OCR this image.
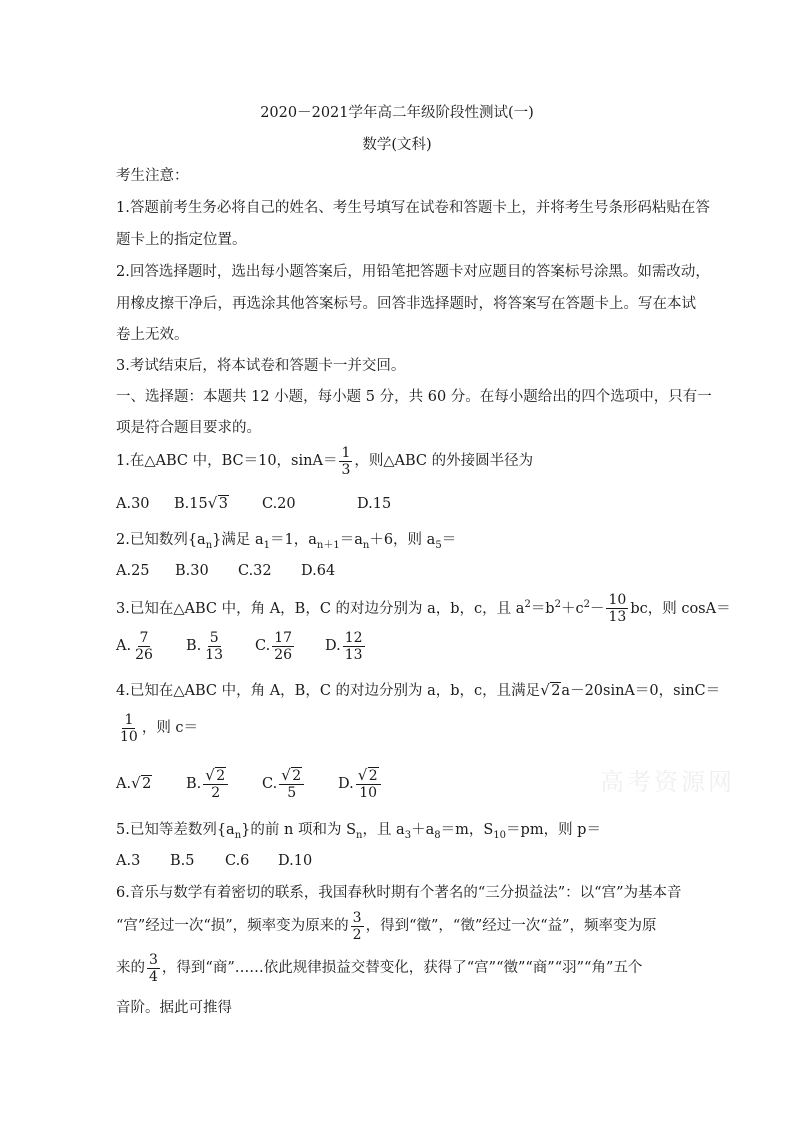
2020－2021学年高二年级阶段性测试(一)
数学(文科)
考生注意：
1.答题前考生务必将自己的姓名、考生号填写在试卷和答题卡上，并将考生号条形码粘贴在答
题卡上的指定位置。
2.回答选择题时，选出每小题答案后，用铅笔把答题卡对应题目的答案标号涂黑。如需改动，
用橡皮擦干净后，再选涂其他答案标号。回答非选择题时，将答案写在答题卡上。写在本试
卷上无效。
3.考试结束后，将本试卷和答题卡一并交回。
一、选择题：本题共 12 小题，每小题 5 分，共 60 分。在每小题给出的四个选项中，只有一
项是符合题目要求的。
1.在△ABC 中，BC＝10，$\sin A= \frac{1}{3}$ ，则△ABC 的外接圆半径为
A.30 B.15 √ 3 C.20	D.15
2.已知数列$\{a_n\}$满足 $a_1=1$，$a_{n+1}=a_n+6$，则 $a_5=$
A.25 B.30 C.32 D.64
3.已知在△ABC 中，角 A，B，C 的对边分别为 a，b，c，且 $a^2=b^2+c^2- \frac{10}{13}$ bc，则 cosA＝
A. $\frac{7}{26} B$. $\frac{5}{13} C$. $\frac{17}{26} D$. $\frac{12}{13}$
4.已知在△ABC 中，角 A，B，C 的对边分别为 a，b，c，且满足 √ 2a－20sinA＝0，sinC＝
$\frac{1}{10}$ ，则 c＝
A. √ 2 B. $\frac{√ 2}{2} C$. $\frac{√ 2}{5} D$. $\frac{√ 2}{10}$
5.已知等差数列$\{a_n\}$的前 n 项和为 $S_n$，且 $a_3+a_8=m$，$S_{10}=pm$，则 p＝
A.3 B.5 C.6 D.10
6.音乐与数学有着密切的联系，我国春秋时期有个著名的“三分损益法”：以“宫”为基本音
“宫”经过一次“损”，频率变为原来的 $\frac{3}{2}$ ，得到“徵”，“徵”经过一次“益”，频率变为原
来的 $\frac{3}{4}$ ，得到“商”……依此规律损益交替变化，获得了“宫”“徵”“商”“羽”“角”五个
音阶。据此可推得
高考资源网
